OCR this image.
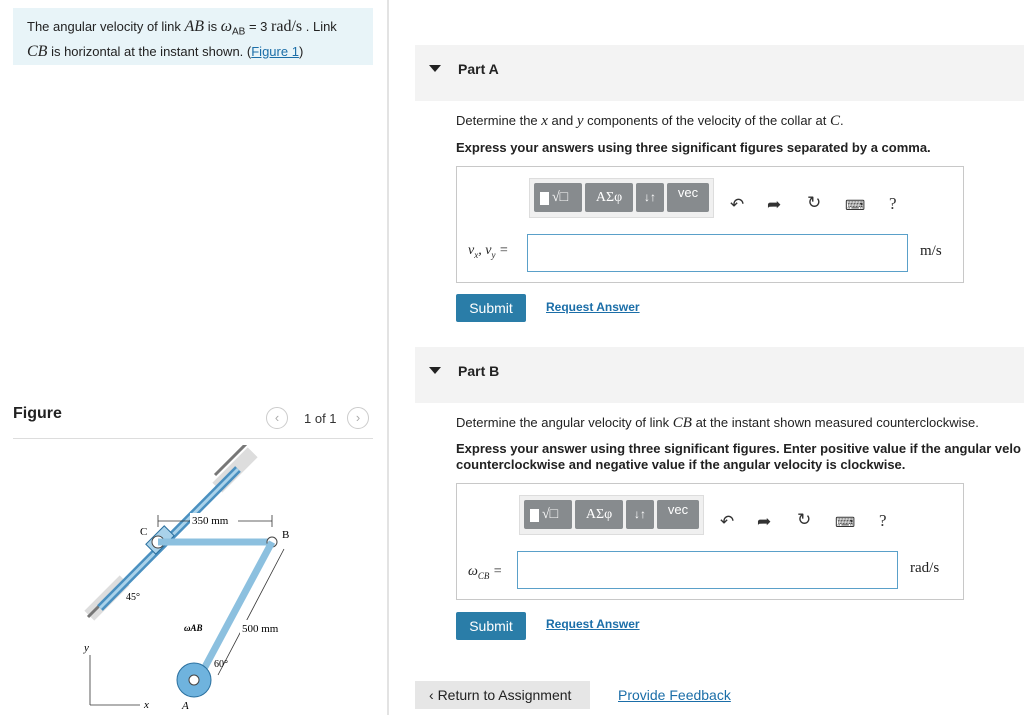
The angular velocity of link AB is $\omega_{AB} = 3$ rad/s . Link
CB is horizontal at the instant shown. (Figure 1)
Figure	‹	1 of 1	›
350 mm
500 mm
C	B
A
45°
60°
ωAB
y
x
Part A
Determine the x and y components of the velocity of the collar at C.
Express your answers using three significant figures separated by a comma.
√□	ΑΣφ	↓↑	vec
↶ ➦ ↻ ⌨ ?
$v_x$, $v_y$ =	m/s
Submit	Request Answer
Part B
Determine the angular velocity of link CB at the instant shown measured counterclockwise.
Express your answer using three significant figures. Enter positive value if the angular velo
counterclockwise and negative value if the angular velocity is clockwise.
√□	ΑΣφ	↓↑	vec
↶ ➦ ↻ ⌨ ?
$\omega_{CB}$ =	rad/s
Submit	Request Answer
‹ Return to Assignment	Provide Feedback
